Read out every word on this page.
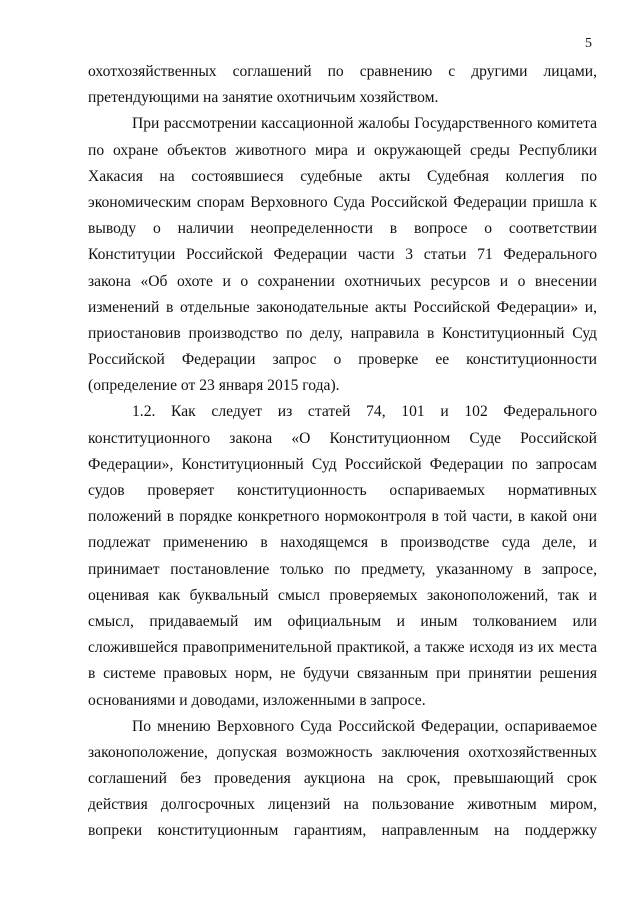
5
охотхозяйственных соглашений по сравнению с другими лицами,
претендующими на занятие охотничьим хозяйством.
При рассмотрении кассационной жалобы Государственного комитета
по охране объектов животного мира и окружающей среды Республики
Хакасия на состоявшиеся судебные акты Судебная коллегия по
экономическим спорам Верховного Суда Российской Федерации пришла к
выводу о наличии неопределенности в вопросе о соответствии
Конституции Российской Федерации части 3 статьи 71 Федерального
закона «Об охоте и о сохранении охотничьих ресурсов и о внесении
изменений в отдельные законодательные акты Российской Федерации» и,
приостановив производство по делу, направила в Конституционный Суд
Российской Федерации запрос о проверке ее конституционности
(определение от 23 января 2015 года).
1.2. Как следует из статей 74, 101 и 102 Федерального
конституционного закона «О Конституционном Суде Российской
Федерации», Конституционный Суд Российской Федерации по запросам
судов проверяет конституционность оспариваемых нормативных
положений в порядке конкретного нормоконтроля в той части, в какой они
подлежат применению в находящемся в производстве суда деле, и
принимает постановление только по предмету, указанному в запросе,
оценивая как буквальный смысл проверяемых законоположений, так и
смысл, придаваемый им официальным и иным толкованием или
сложившейся правоприменительной практикой, а также исходя из их места
в системе правовых норм, не будучи связанным при принятии решения
основаниями и доводами, изложенными в запросе.
По мнению Верховного Суда Российской Федерации, оспариваемое
законоположение, допуская возможность заключения охотхозяйственных
соглашений без проведения аукциона на срок, превышающий срок
действия долгосрочных лицензий на пользование животным миром,
вопреки конституционным гарантиям, направленным на поддержку
